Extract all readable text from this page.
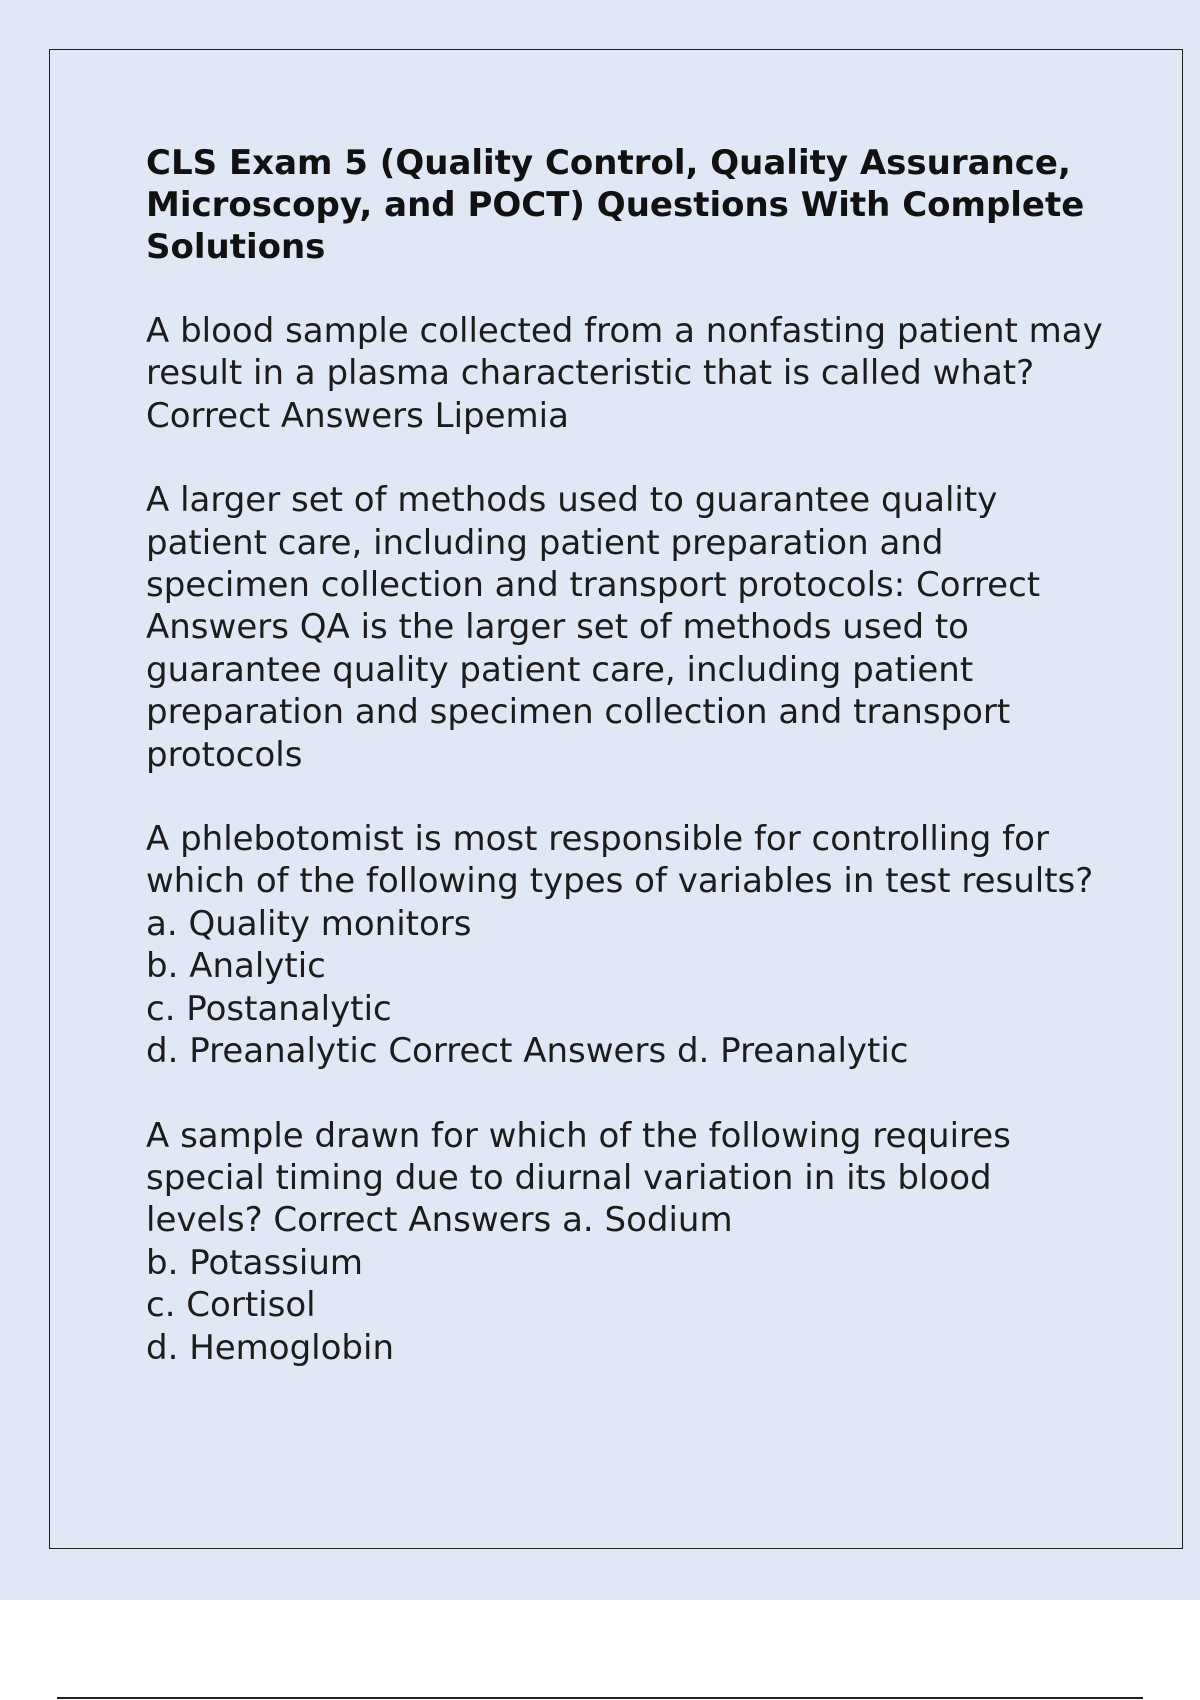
CLS Exam 5 (Quality Control, Quality Assurance, Microscopy, and POCT) Questions With Complete Solutions
A blood sample collected from a nonfasting patient may result in a plasma characteristic that is called what? Correct Answers Lipemia
A larger set of methods used to guarantee quality patient care, including patient preparation and specimen collection and transport protocols: Correct Answers QA is the larger set of methods used to guarantee quality patient care, including patient preparation and specimen collection and transport protocols
A phlebotomist is most responsible for controlling for which of the following types of variables in test results?
a. Quality monitors
b. Analytic
c. Postanalytic
d. Preanalytic Correct Answers d. Preanalytic
A sample drawn for which of the following requires special timing due to diurnal variation in its blood levels? Correct Answers a. Sodium
b. Potassium
c. Cortisol
d. Hemoglobin
